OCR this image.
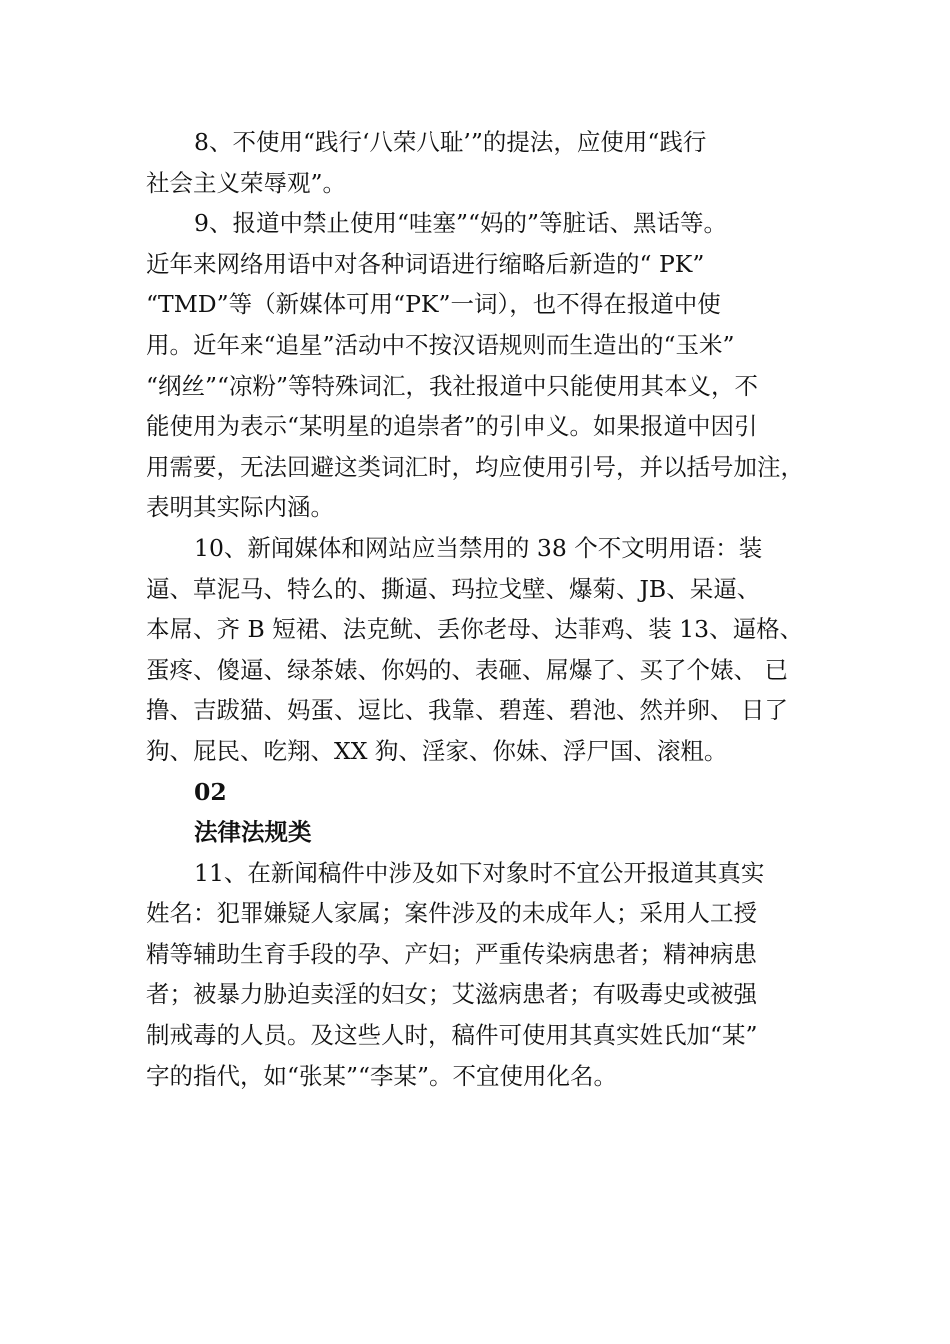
8、不使用“践行‘八荣八耻’”的提法，应使用“践行
社会主义荣辱观”。
9、报道中禁止使用“哇塞”“妈的”等脏话、黑话等。
近年来网络用语中对各种词语进行缩略后新造的“ PK”
“TMD”等（新媒体可用“PK”一词），也不得在报道中使
用。近年来“追星”活动中不按汉语规则而生造出的“玉米”
“纲丝”“凉粉”等特殊词汇，我社报道中只能使用其本义，不
能使用为表示“某明星的追崇者”的引申义。如果报道中因引
用需要，无法回避这类词汇时，均应使用引号，并以括号加注，
表明其实际内涵。
10、新闻媒体和网站应当禁用的 38 个不文明用语：装
逼、草泥马、特么的、撕逼、玛拉戈壁、爆菊、JB、呆逼、
本屌、齐 B 短裙、法克鱿、丢你老母、达菲鸡、装 13、逼格、
蛋疼、傻逼、绿茶婊、你妈的、表砸、屌爆了、买了个婊、 已
撸、吉跋猫、妈蛋、逗比、我靠、碧莲、碧池、然并卵、 日了
狗、屁民、吃翔、XX 狗、淫家、你妹、浮尸国、滚粗。
02
法律法规类
11、在新闻稿件中涉及如下对象时不宜公开报道其真实
姓名：犯罪嫌疑人家属；案件涉及的未成年人；采用人工授
精等辅助生育手段的孕、产妇；严重传染病患者；精神病患
者；被暴力胁迫卖淫的妇女；艾滋病患者；有吸毒史或被强
制戒毒的人员。及这些人时，稿件可使用其真实姓氏加“某”
字的指代，如“张某”“李某”。不宜使用化名。
